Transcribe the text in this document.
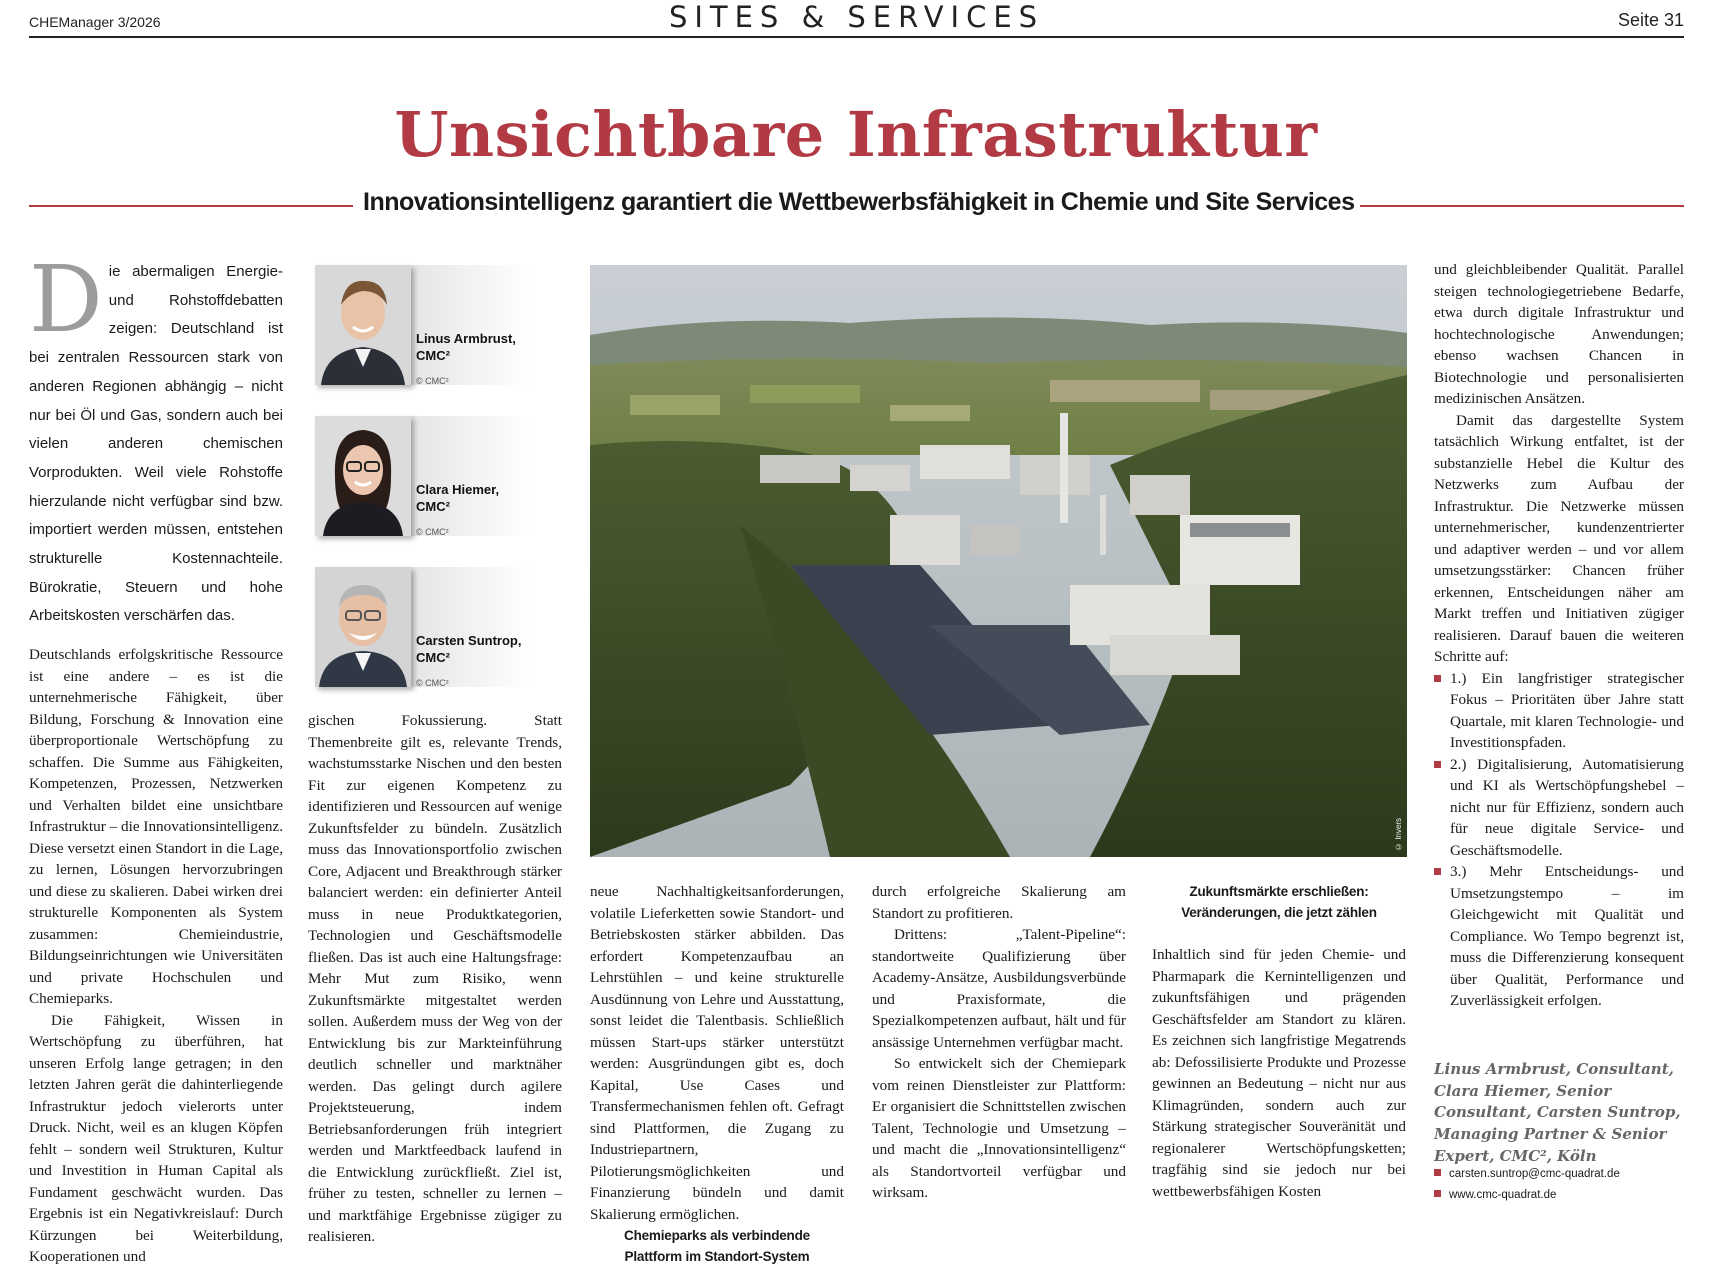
CHEManager 3/2026	SITES & SERVICES	Seite 31
Unsichtbare Infrastruktur
Innovationsintelligenz garantiert die Wettbewerbsfähigkeit in Chemie und Site Services
Die abermaligen Energie- und Rohstoffdebatten zeigen: Deutschland ist bei zentralen Ressourcen stark von anderen Regionen abhängig – nicht nur bei Öl und Gas, sondern auch bei vielen anderen chemischen Vorprodukten. Weil viele Rohstoffe hierzulande nicht verfügbar sind bzw. importiert werden müssen, entstehen strukturelle Kostennachteile. Bürokratie, Steuern und hohe Arbeitskosten verschärfen das.
Linus Armbrust,
CMC²
© CMC²
Clara Hiemer,
CMC²
© CMC²
Carsten Suntrop,
CMC²
© CMC²
© Invers

Deutschlands erfolgskritische Ressource ist eine andere – es ist die unternehmerische Fähigkeit, über Bildung, Forschung & Innovation eine überproportionale Wertschöpfung zu schaffen. Die Summe aus Fähigkeiten, Kompetenzen, Prozessen, Netzwerken und Verhalten bildet eine unsichtbare Infrastruktur – die Innovationsintelligenz. Diese versetzt einen Standort in die Lage, zu lernen, Lösungen hervorzubringen und diese zu skalieren. Dabei wirken drei strukturelle Komponenten als System zusammen: Chemieindustrie, Bildungseinrichtungen wie Universitäten und private Hochschulen und Chemieparks.

Die Fähigkeit, Wissen in Wertschöpfung zu überführen, hat unseren Erfolg lange getragen; in den letzten Jahren gerät die dahinterliegende Infrastruktur jedoch vielerorts unter Druck. Nicht, weil es an klugen Köpfen fehlt – sondern weil Strukturen, Kultur und Investition in Human Capital als Fundament geschwächt wurden. Das Ergebnis ist ein Negativkreislauf: Durch Kürzungen bei Weiterbildung, Kooperationen und

gischen Fokussierung. Statt Themenbreite gilt es, relevante Trends, wachstumsstarke Nischen und den besten Fit zur eigenen Kompetenz zu identifizieren und Ressourcen auf wenige Zukunftsfelder zu bündeln. Zusätzlich muss das Innovationsportfolio zwischen Core, Adjacent und Breakthrough stärker balanciert werden: ein definierter Anteil muss in neue Produktkategorien, Technologien und Geschäftsmodelle fließen. Das ist auch eine Haltungsfrage: Mehr Mut zum Risiko, wenn Zukunftsmärkte mitgestaltet werden sollen. Außerdem muss der Weg von der Entwicklung bis zur Markteinführung deutlich schneller und marktnäher werden. Das gelingt durch agilere Projektsteuerung, indem Betriebsanforderungen früh integriert werden und Marktfeedback laufend in die Entwicklung zurückfließt. Ziel ist, früher zu testen, schneller zu lernen – und marktfähige Ergebnisse zügiger zu realisieren.

neue Nachhaltigkeitsanforderungen, volatile Lieferketten sowie Standort- und Betriebskosten stärker abbilden. Das erfordert Kompetenzaufbau an Lehrstühlen – und keine strukturelle Ausdünnung von Lehre und Ausstattung, sonst leidet die Talentbasis. Schließlich müssen Start-ups stärker unterstützt werden: Ausgründungen gibt es, doch Kapital, Use Cases und Transfermechanismen fehlen oft. Gefragt sind Plattformen, die Zugang zu Industriepartnern, Pilotierungsmöglichkeiten und Finanzierung bündeln und damit Skalierung ermöglichen.

Chemieparks als verbindende
Plattform im Standort-System

durch erfolgreiche Skalierung am Standort zu profitieren.

Drittens: „Talent-Pipeline“: standortweite Qualifizierung über Academy-Ansätze, Ausbildungsverbünde und Praxisformate, die Spezialkompetenzen aufbaut, hält und für ansässige Unternehmen verfügbar macht.

So entwickelt sich der Chemiepark vom reinen Dienstleister zur Plattform: Er organisiert die Schnittstellen zwischen Talent, Technologie und Umsetzung – und macht die „Innovationsintelligenz“ als Standortvorteil verfügbar und wirksam.

Zukunftsmärkte erschließen:
Veränderungen, die jetzt zählen

Inhaltlich sind für jeden Chemie- und Pharmapark die Kernintelligenzen und zukunftsfähigen und prägenden Geschäftsfelder am Standort zu klären. Es zeichnen sich langfristige Megatrends ab: Defossilisierte Produkte und Prozesse gewinnen an Bedeutung – nicht nur aus Klimagründen, sondern auch zur Stärkung strategischer Souveränität und regionalerer Wertschöpfungsketten; tragfähig sind sie jedoch nur bei wettbewerbsfähigen Kosten

und gleichbleibender Qualität. Parallel steigen technologiegetriebene Bedarfe, etwa durch digitale Infrastruktur und hochtechnologische Anwendungen; ebenso wachsen Chancen in Biotechnologie und personalisierten medizinischen Ansätzen.

Damit das dargestellte System tatsächlich Wirkung entfaltet, ist der substanzielle Hebel die Kultur des Netzwerks zum Aufbau der Infrastruktur. Die Netzwerke müssen unternehmerischer, kundenzentrierter und adaptiver werden – und vor allem umsetzungsstärker: Chancen früher erkennen, Entscheidungen näher am Markt treffen und Initiativen zügiger realisieren. Darauf bauen die weiteren Schritte auf:

1.) Ein langfristiger strategischer Fokus – Prioritäten über Jahre statt Quartale, mit klaren Technologie- und Investitionspfaden.
2.) Digitalisierung, Automatisierung und KI als Wertschöpfungshebel – nicht nur für Effizienz, sondern auch für neue digitale Service- und Geschäftsmodelle.
3.) Mehr Entscheidungs- und Umsetzungstempo – im Gleichgewicht mit Qualität und Compliance. Wo Tempo begrenzt ist, muss die Differenzierung konsequent über Qualität, Performance und Zuverlässigkeit erfolgen.
Linus Armbrust, Consultant, Clara Hiemer, Senior Consultant, Carsten Suntrop, Managing Partner & Senior Expert, CMC², Köln
carsten.suntrop@cmc-quadrat.de
www.cmc-quadrat.de
